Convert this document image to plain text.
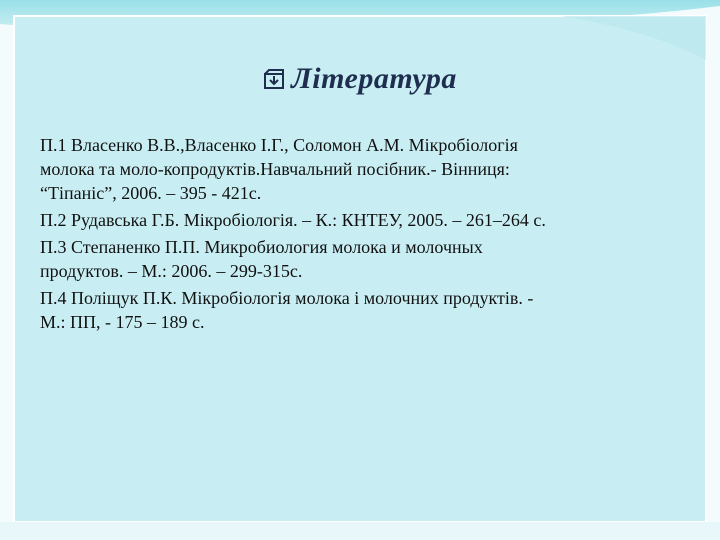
Література
П.1 Власенко В.В.,Власенко І.Г., Соломон А.М. Мікробіологія
молока та моло-копродуктів.Навчальний посібник.- Вінниця:
“Тіпаніс”, 2006. – 395 - 421с.
П.2 Рудавська Г.Б. Мікробіологія. – К.: КНТЕУ, 2005. – 261–264 с.
П.3 Степаненко П.П. Микробиология молока и молочных
продуктов. – М.: 2006. – 299-315с.
П.4 Поліщук П.К. Мікробіологія молока і молочних продуктів. -
М.: ПП, - 175 – 189 с.
